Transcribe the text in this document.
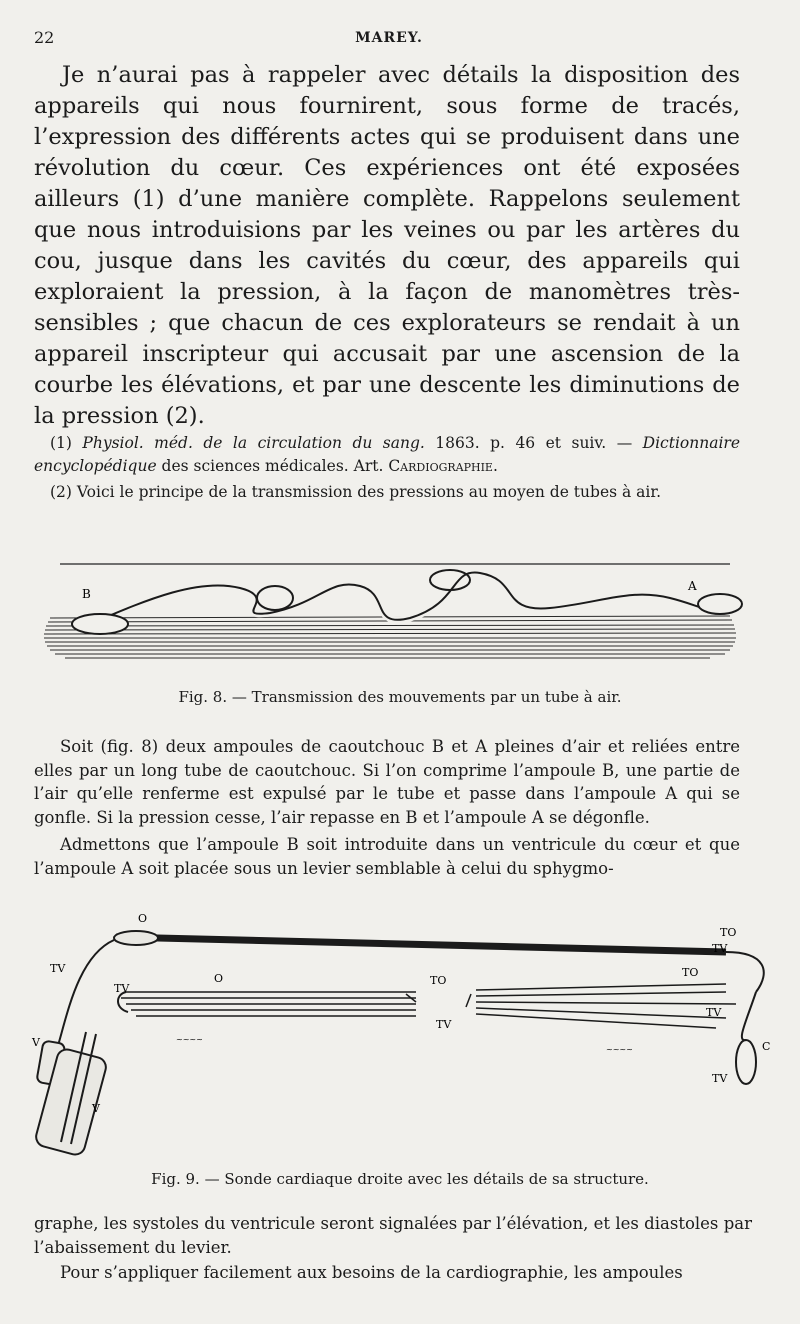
22	MAREY.

Je n’aurai pas à rappeler avec détails la disposition des appareils qui nous fournirent, sous forme de tracés, l’expression des différents actes qui se produisent dans une révolution du cœur. Ces expériences ont été exposées ailleurs (1) d’une manière complète. Rappelons seulement que nous introduisions par les veines ou par les artères du cou, jusque dans les cavités du cœur, des appareils qui exploraient la pression, à la façon de manomètres très-sensibles ; que chacun de ces explorateurs se rendait à un appareil inscripteur qui accusait par une ascension de la courbe les élévations, et par une descente les diminutions de la pression (2).

(1) Physiol. méd. de la circulation du sang. 1863. p. 46 et suiv. — Dictionnaire encyclopédique des sciences médicales. Art. Cardiographie.

(2) Voici le principe de la transmission des pressions au moyen de tubes à air.

B
A
Fig. 8. — Transmission des mouvements par un tube à air.

Soit (fig. 8) deux ampoules de caoutchouc B et A pleines d’air et reliées entre elles par un long tube de caoutchouc. Si l’on comprime l’ampoule B, une partie de l’air qu’elle renferme est expulsé par le tube et passe dans l’ampoule A qui se gonfle. Si la pression cesse, l’air repasse en B et l’ampoule A se dégonfle.

Admettons que l’ampoule B soit introduite dans un ventricule du cœur et que l’ampoule A soit placée sous un levier semblable à celui du sphygmo-

~~~~
~~~~
O
TO
TV
TV
O
TV
TO
TV
TO
TV
V
V
C
TV
Fig. 9. — Sonde cardiaque droite avec les détails de sa structure.

graphe, les systoles du ventricule seront signalées par l’élévation, et les diastoles par l’abaissement du levier.

Pour s’appliquer facilement aux besoins de la cardiographie, les ampoules
